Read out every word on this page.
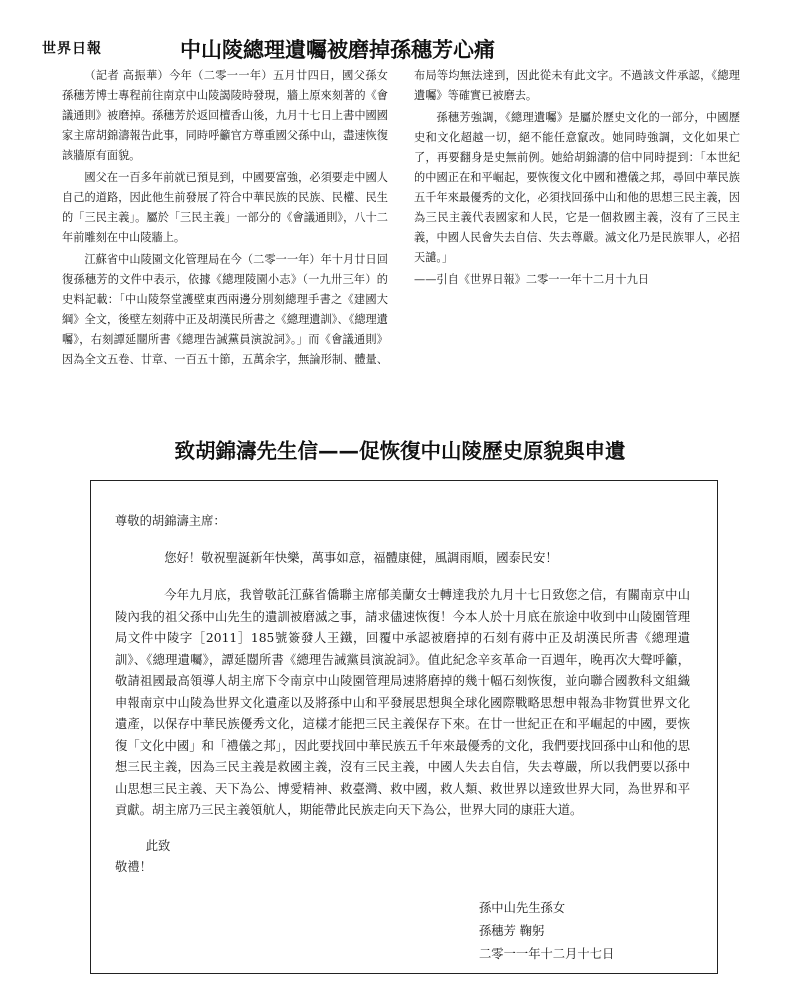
世界日報	中山陵總理遺囑被磨掉孫穗芳心痛

（記者 高振華）今年（二零一一年）五月廿四日，國父孫女孫穗芳博士專程前往南京中山陵謁陵時發現，牆上原來刻著的《會議通則》被磨掉。孫穗芳於返回檀香山後，九月十七日上書中國國家主席胡錦濤報告此事，同時呼籲官方尊重國父孫中山，盡速恢復該牆原有面貌。

國父在一百多年前就已預見到，中國要富強，必須要走中國人自己的道路，因此他生前發展了符合中華民族的民族、民權、民生的「三民主義」。屬於「三民主義」一部分的《會議通則》，八十二年前雕刻在中山陵牆上。

江蘇省中山陵園文化管理局在今（二零一一年）年十月廿日回復孫穗芳的文件中表示，依據《總理陵園小志》（一九卅三年）的史料記載：「中山陵祭堂護壁東西兩邊分別刻總理手書之《建國大綱》全文，後壁左刻蔣中正及胡漢民所書之《總理遺訓》、《總理遺囑》，右刻譚延闓所書《總理告誡黨員演說詞》。」而《會議通則》因為全文五卷、廿章、一百五十節，五萬余字，無論形制、體量、布局等均無法達到，因此從未有此文字。不過該文件承認，《總理遺囑》等確實已被磨去。

孫穗芳強調，《總理遺囑》是屬於歷史文化的一部分，中國歷史和文化超越一切，絕不能任意竄改。她同時強調，文化如果亡了，再要翻身是史無前例。她給胡錦濤的信中同時提到：「本世紀的中國正在和平崛起，要恢復文化中國和禮儀之邦，尋回中華民族五千年來最優秀的文化，必須找回孫中山和他的思想三民主義，因為三民主義代表國家和人民，它是一個救國主義，沒有了三民主義，中國人民會失去自信、失去尊嚴。滅文化乃是民族罪人，必招天譴。」

——引自《世界日報》二零一一年十二月十九日

致胡錦濤先生信——促恢復中山陵歷史原貌與申遺

尊敬的胡錦濤主席：

您好！敬祝聖誕新年快樂，萬事如意，福體康健，風調雨順，國泰民安！

今年九月底，我曾敬託江蘇省僑聯主席郁美蘭女士轉達我於九月十七日致您之信，有關南京中山陵內我的祖父孫中山先生的遺訓被磨滅之事，請求儘速恢復！今本人於十月底在旅途中收到中山陵園管理局文件中陵字［2011］185號簽發人王鐵，回覆中承認被磨掉的石刻有蔣中正及胡漢民所書《總理遺訓》、《總理遺囑》，譚延闓所書《總理告誡黨員演說詞》。值此紀念辛亥革命一百週年，晚再次大聲呼籲，敬請祖國最高領導人胡主席下令南京中山陵園管理局速將磨掉的幾十幅石刻恢復，並向聯合國教科文組織申報南京中山陵為世界文化遺產以及將孫中山和平發展思想與全球化國際戰略思想申報為非物質世界文化遺產，以保存中華民族優秀文化，這樣才能把三民主義保存下來。在廿一世紀正在和平崛起的中國，要恢復「文化中國」和「禮儀之邦」，因此要找回中華民族五千年來最優秀的文化，我們要找回孫中山和他的思想三民主義，因為三民主義是救國主義，沒有三民主義，中國人失去自信，失去尊嚴，所以我們要以孫中山思想三民主義、天下為公、博愛精神、救臺灣、救中國，救人類、救世界以達致世界大同，為世界和平貢獻。胡主席乃三民主義領航人，期能帶此民族走向天下為公，世界大同的康莊大道。

此致

敬禮！

孫中山先生孫女
孫穗芳 鞠躬
二零一一年十二月十七日
